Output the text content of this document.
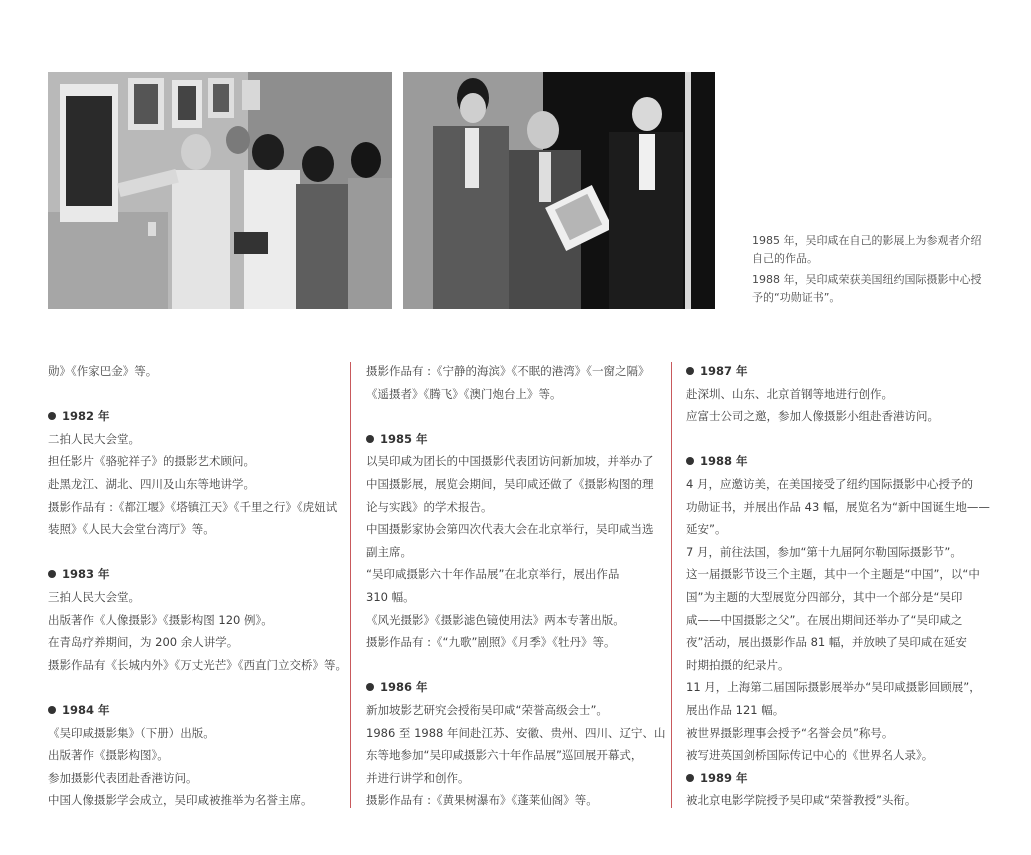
1985 年，吴印咸在自己的影展上为参观者介绍自己的作品。

1988 年，吴印咸荣获美国纽约国际摄影中心授予的“功勋证书”。

勋》《作家巴金》等。
1982 年
二拍人民大会堂。
担任影片《骆驼祥子》的摄影艺术顾问。
赴黑龙江、湖北、四川及山东等地讲学。
摄影作品有 :《都江堰》《塔镇江天》《千里之行》《虎妞试
装照》《人民大会堂台湾厅》等。
1983 年
三拍人民大会堂。
出版著作《人像摄影》《摄影构图 120 例》。
在青岛疗养期间，为 200 余人讲学。
摄影作品有《长城内外》《万丈光芒》《西直门立交桥》等。
1984 年
《吴印咸摄影集》（下册）出版。
出版著作《摄影构图》。
参加摄影代表团赴香港访问。
中国人像摄影学会成立，吴印咸被推举为名誉主席。
摄影作品有 :《宁静的海滨》《不眠的港湾》《一窗之隔》
《遥摄者》《腾飞》《澳门炮台上》等。
1985 年
以吴印咸为团长的中国摄影代表团访问新加坡，并举办了
中国摄影展，展览会期间，吴印咸还做了《摄影构图的理
论与实践》的学术报告。
中国摄影家协会第四次代表大会在北京举行，吴印咸当选
副主席。
“吴印咸摄影六十年作品展”在北京举行，展出作品
310 幅。
《风光摄影》《摄影滤色镜使用法》两本专著出版。
摄影作品有 :《“九歌”剧照》《月季》《牡丹》等。
1986 年
新加坡影艺研究会授衔吴印咸“荣誉高级会士”。
1986 至 1988 年间赴江苏、安徽、贵州、四川、辽宁、山
东等地参加“吴印咸摄影六十年作品展”巡回展开幕式，
并进行讲学和创作。
摄影作品有 :《黄果树瀑布》《蓬莱仙阁》等。
1987 年
赴深圳、山东、北京首钢等地进行创作。
应富士公司之邀，参加人像摄影小组赴香港访问。
1988 年
4 月，应邀访美，在美国接受了纽约国际摄影中心授予的
功勋证书，并展出作品 43 幅，展览名为“新中国诞生地——
延安”。
7 月，前往法国，参加“第十九届阿尔勒国际摄影节”。
这一届摄影节设三个主题，其中一个主题是“中国”，以“中
国”为主题的大型展览分四部分，其中一个部分是“吴印
咸——中国摄影之父”。在展出期间还举办了“吴印咸之
夜”活动，展出摄影作品 81 幅，并放映了吴印咸在延安
时期拍摄的纪录片。
11 月，上海第二届国际摄影展举办“吴印咸摄影回顾展”，
展出作品 121 幅。
被世界摄影理事会授予“名誉会员”称号。
被写进英国剑桥国际传记中心的《世界名人录》。
1989 年
被北京电影学院授予吴印咸“荣誉教授”头衔。
